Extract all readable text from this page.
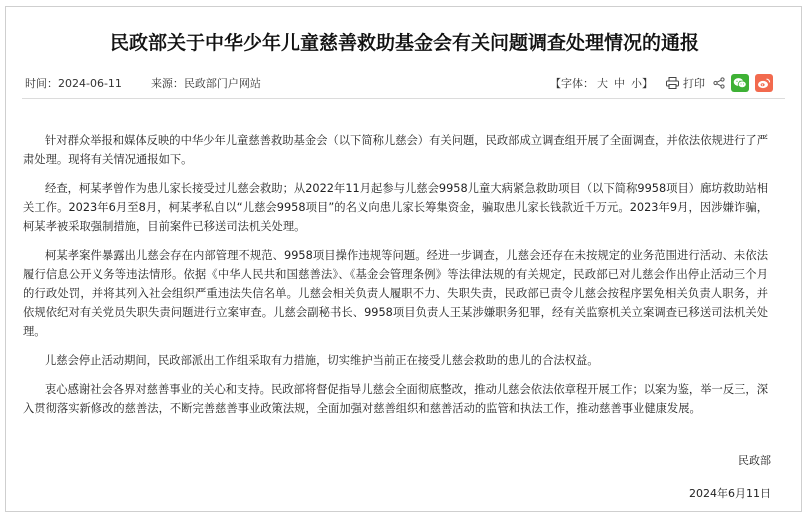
民政部关于中华少年儿童慈善救助基金会有关问题调查处理情况的通报
时间：2024-06-11	来源：民政部门户网站	【字体： 大 中 小】	打印

针对群众举报和媒体反映的中华少年儿童慈善救助基金会（以下简称儿慈会）有关问题，民政部成立调查组开展了全面调查，并依法依规进行了严肃处理。现将有关情况通报如下。

经查，柯某孝曾作为患儿家长接受过儿慈会救助；从2022年11月起参与儿慈会9958儿童大病紧急救助项目（以下简称9958项目）廊坊救助站相关工作。2023年6月至8月，柯某孝私自以“儿慈会9958项目”的名义向患儿家长筹集资金，骗取患儿家长钱款近千万元。2023年9月，因涉嫌诈骗，柯某孝被采取强制措施，目前案件已移送司法机关处理。

柯某孝案件暴露出儿慈会存在内部管理不规范、9958项目操作违规等问题。经进一步调查，儿慈会还存在未按规定的业务范围进行活动、未依法履行信息公开义务等违法情形。依据《中华人民共和国慈善法》、《基金会管理条例》等法律法规的有关规定，民政部已对儿慈会作出停止活动三个月的行政处罚，并将其列入社会组织严重违法失信名单。儿慈会相关负责人履职不力、失职失责，民政部已责令儿慈会按程序罢免相关负责人职务，并依规依纪对有关党员失职失责问题进行立案审查。儿慈会副秘书长、9958项目负责人王某涉嫌职务犯罪，经有关监察机关立案调查已移送司法机关处理。

儿慈会停止活动期间，民政部派出工作组采取有力措施，切实维护当前正在接受儿慈会救助的患儿的合法权益。

衷心感谢社会各界对慈善事业的关心和支持。民政部将督促指导儿慈会全面彻底整改，推动儿慈会依法依章程开展工作；以案为鉴，举一反三，深入贯彻落实新修改的慈善法，不断完善慈善事业政策法规，全面加强对慈善组织和慈善活动的监管和执法工作，推动慈善事业健康发展。

民政部
2024年6月11日
